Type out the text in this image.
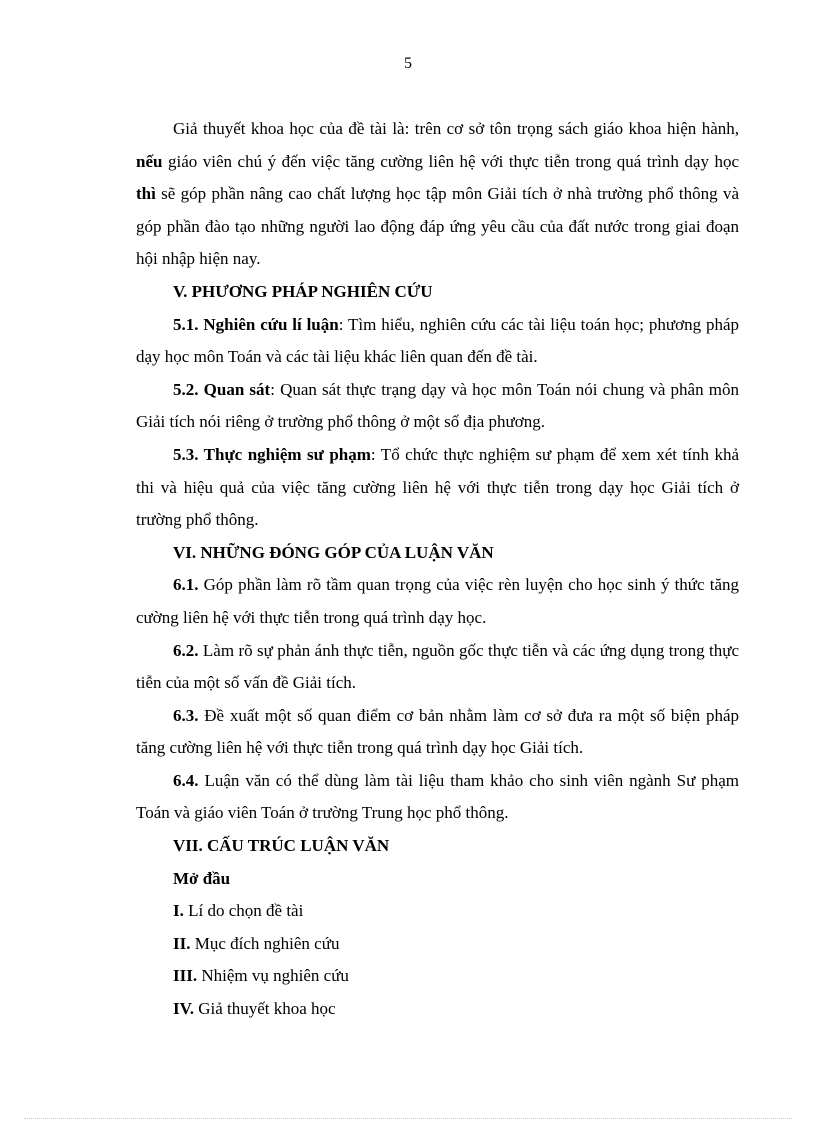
5

Giả thuyết khoa học của đề tài là: trên cơ sở tôn trọng sách giáo khoa hiện hành, nếu giáo viên chú ý đến việc tăng cường liên hệ với thực tiễn trong quá trình dạy học thì sẽ góp phần nâng cao chất lượng học tập môn Giải tích ở nhà trường phổ thông và góp phần đào tạo những người lao động đáp ứng yêu cầu của đất nước trong giai đoạn hội nhập hiện nay.

V. PHƯƠNG PHÁP NGHIÊN CỨU

5.1. Nghiên cứu lí luận: Tìm hiểu, nghiên cứu các tài liệu toán học; phương pháp dạy học môn Toán và các tài liệu khác liên quan đến đề tài.

5.2. Quan sát: Quan sát thực trạng dạy và học môn Toán nói chung và phân môn Giải tích nói riêng ở trường phổ thông ở một số địa phương.

5.3. Thực nghiệm sư phạm: Tổ chức thực nghiệm sư phạm để xem xét tính khả thi và hiệu quả của việc tăng cường liên hệ với thực tiễn trong dạy học Giải tích ở trường phổ thông.

VI. NHỮNG ĐÓNG GÓP CỦA LUẬN VĂN

6.1. Góp phần làm rõ tầm quan trọng của việc rèn luyện cho học sinh ý thức tăng cường liên hệ với thực tiễn trong quá trình dạy học.

6.2. Làm rõ sự phản ánh thực tiễn, nguồn gốc thực tiễn và các ứng dụng trong thực tiễn của một số vấn đề Giải tích.

6.3. Đề xuất một số quan điểm cơ bản nhằm làm cơ sở đưa ra một số biện pháp tăng cường liên hệ với thực tiễn trong quá trình dạy học Giải tích.

6.4. Luận văn có thể dùng làm tài liệu tham khảo cho sinh viên ngành Sư phạm Toán và giáo viên Toán ở trường Trung học phổ thông.

VII. CẤU TRÚC LUẬN VĂN

Mở đầu

I. Lí do chọn đề tài

II. Mục đích nghiên cứu

III. Nhiệm vụ nghiên cứu

IV. Giả thuyết khoa học
